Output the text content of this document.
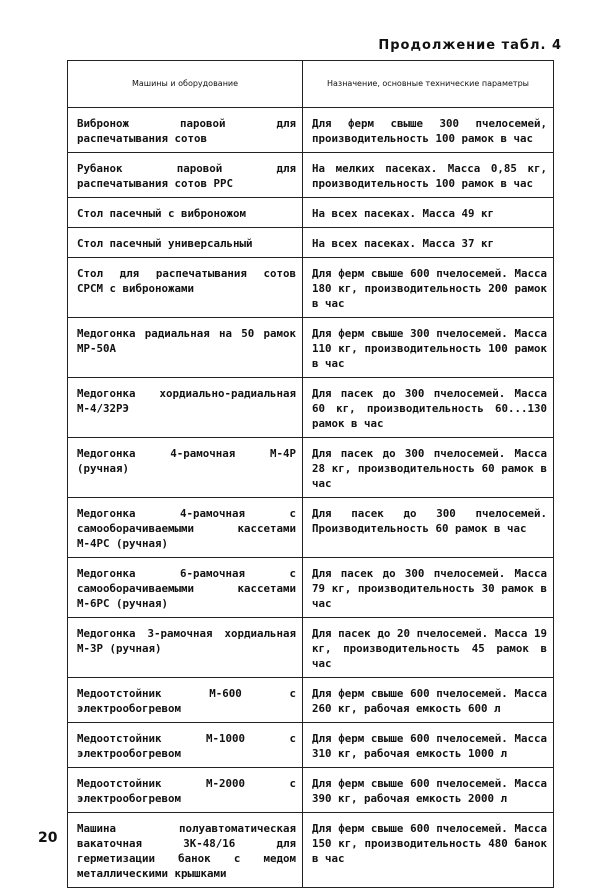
Продолжение табл. 4
Машины и оборудование	Назначение, основные технические параметры
Вибронож паровой для распечатывания сотов	Для ферм свыше 300 пчелосемей, производительность 100 рамок в час
Рубанок паровой для распечатывания сотов РРС	На мелких пасеках. Масса 0,85 кг, производительность 100 рамок в час
Стол пасечный с виброножом	На всех пасеках. Масса 49 кг
Стол пасечный универсальный	На всех пасеках. Масса 37 кг
Стол для распечатывания сотов СРСМ с виброножами	Для ферм свыше 600 пчелосемей. Масса 180 кг, производительность 200 рамок в час
Медогонка радиальная на 50 рамок МР-50А	Для ферм свыше 300 пчелосемей. Масса 110 кг, производительность 100 рамок в час
Медогонка хордиально-радиальная М-4/32РЭ	Для пасек до 300 пчелосемей. Масса 60 кг, производительность 60...130 рамок в час
Медогонка 4-рамочная М-4Р (ручная)	Для пасек до 300 пчелосемей. Масса 28 кг, производительность 60 рамок в час
Медогонка 4-рамочная с самооборачиваемыми кассетами М-4РС (ручная)	Для пасек до 300 пчелосемей. Производительность 60 рамок в час
Медогонка 6-рамочная с самооборачиваемыми кассетами М-6РС (ручная)	Для пасек до 300 пчелосемей. Масса 79 кг, производительность 30 рамок в час
Медогонка 3-рамочная хордиальная М-3Р (ручная)	Для пасек до 20 пчелосемей. Масса 19 кг, производительность 45 рамок в час
Медоотстойник М-600 с электрообогревом	Для ферм свыше 600 пчелосемей. Масса 260 кг, рабочая емкость 600 л
Медоотстойник М-1000 с электрообогревом	Для ферм свыше 600 пчелосемей. Масса 310 кг, рабочая емкость 1000 л
Медоотстойник М-2000 с электрообогревом	Для ферм свыше 600 пчелосемей. Масса 390 кг, рабочая емкость 2000 л
Машина полуавтоматическая вакаточная ЗК-48/16 для герметизации банок с медом металлическими крышками	Для ферм свыше 600 пчелосемей. Масса 150 кг, производительность 480 банок в час
20
